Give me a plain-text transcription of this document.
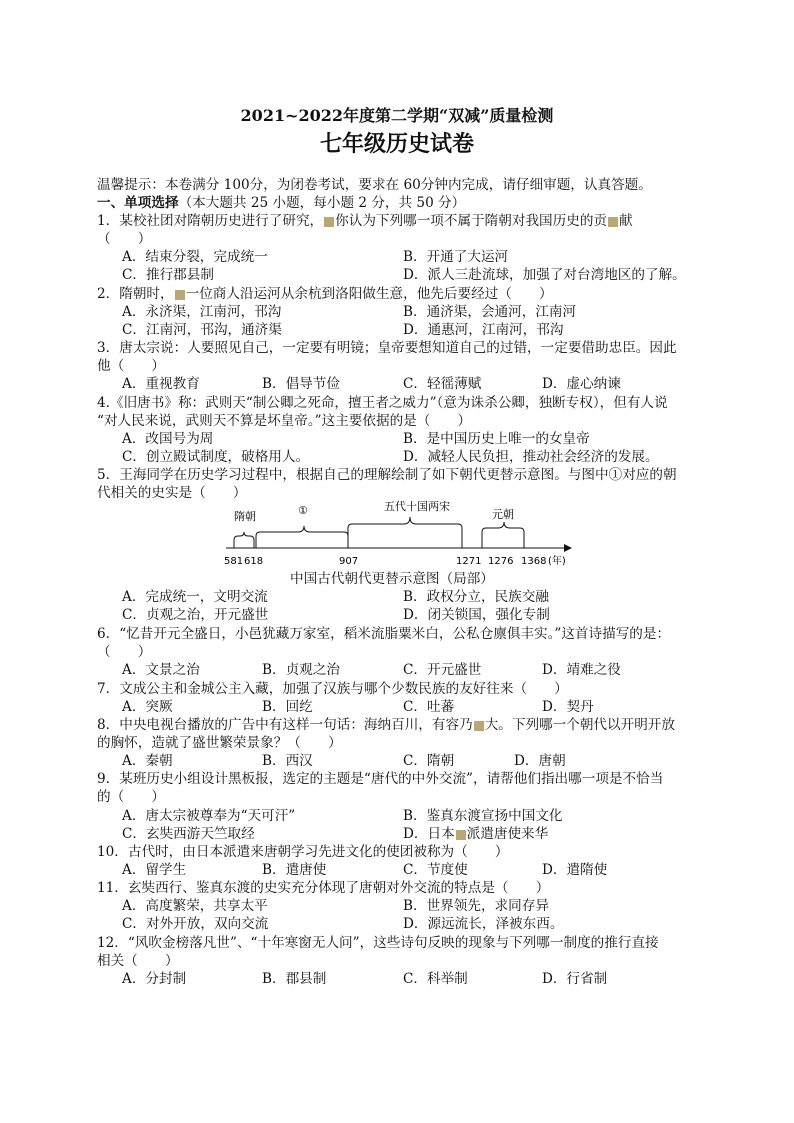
2021~2022年度第二学期“双减”质量检测
七年级历史试卷
温馨提示：本卷满分 100分，为闭卷考试，要求在 60分钟内完成，请仔细审题，认真答题。
一、单项选择（本大题共 25 小题，每小题 2 分，共 50 分）
1．某校社团对隋朝历史进行了研究， 你认为下列哪一项不属于隋朝对我国历史的贡 献
（　　）
A．结束分裂，完成统一	B．开通了大运河
C．推行郡县制	D．派人三赴流球，加强了对台湾地区的了解。
2．隋朝时， 一位商人沿运河从余杭到洛阳做生意，他先后要经过（　　）
A．永济渠，江南河，邗沟	B．通济渠，会通河，江南河
C．江南河，邗沟，通济渠	D．通惠河，江南河，邗沟
3．唐太宗说：人要照见自己，一定要有明镜；皇帝要想知道自己的过错，一定要借助忠臣。因此
他（　　）
A．重视教育	B．倡导节俭	C．轻徭薄赋	D．虚心纳谏
4.《旧唐书》称：武则天“制公卿之死命，擅王者之威力”（意为诛杀公卿，独断专权），但有人说
“对人民来说，武则天不算是坏皇帝。”这主要依据的是（　　）
A．改国号为周	B．是中国历史上唯一的女皇帝
C．创立殿试制度，破格用人。	D．减轻人民负担，推动社会经济的发展。
5．王海同学在历史学习过程中，根据自己的理解绘制了如下朝代更替示意图。与图中①对应的朝
代相关的史实是（　　）
隋朝	①	五代十国两宋
元朝
581 618	907	1271 1276 1368 (年)
中国古代朝代更替示意图（局部）
A．完成统一，文明交流	B．政权分立，民族交融
C．贞观之治，开元盛世	D．闭关锁国，强化专制
6．“忆昔开元全盛日，小邑犹藏万家室，稻米流脂粟米白，公私仓廪俱丰实。”这首诗描写的是：
（　　）
A．文景之治	B．贞观之治	C．开元盛世	D．靖难之役
7．文成公主和金城公主入藏，加强了汉族与哪个少数民族的友好往来（　　）
A．突厥	B．回纥	C．吐蕃	D．契丹
8．中央电视台播放的广告中有这样一句话：海纳百川，有容乃 大。下列哪一个朝代以开明开放
的胸怀，造就了盛世繁荣景象？（　　）
A．秦朝	B．西汉	C．隋朝	D．唐朝
9．某班历史小组设计黑板报，选定的主题是“唐代的中外交流”，请帮他们指出哪一项是不恰当
的（　　）
A．唐太宗被尊奉为“天可汗”	B．鉴真东渡宣扬中国文化
C．玄奘西游天竺取经	D．日本 派遣唐使来华
10．古代时，由日本派遣来唐朝学习先进文化的使团被称为（　　）
A．留学生	B．遣唐使	C．节度使	D．遣隋使
11．玄奘西行、鉴真东渡的史实充分体现了唐朝对外交流的特点是（　　）
A．高度繁荣，共享太平	B．世界领先，求同存异
C．对外开放，双向交流	D．源远流长，泽被东西。
12．“风吹金榜落凡世”、“十年寒窗无人问”，这些诗句反映的现象与下列哪一制度的推行直接
相关（　　）
A．分封制	B．郡县制	C．科举制	D．行省制
